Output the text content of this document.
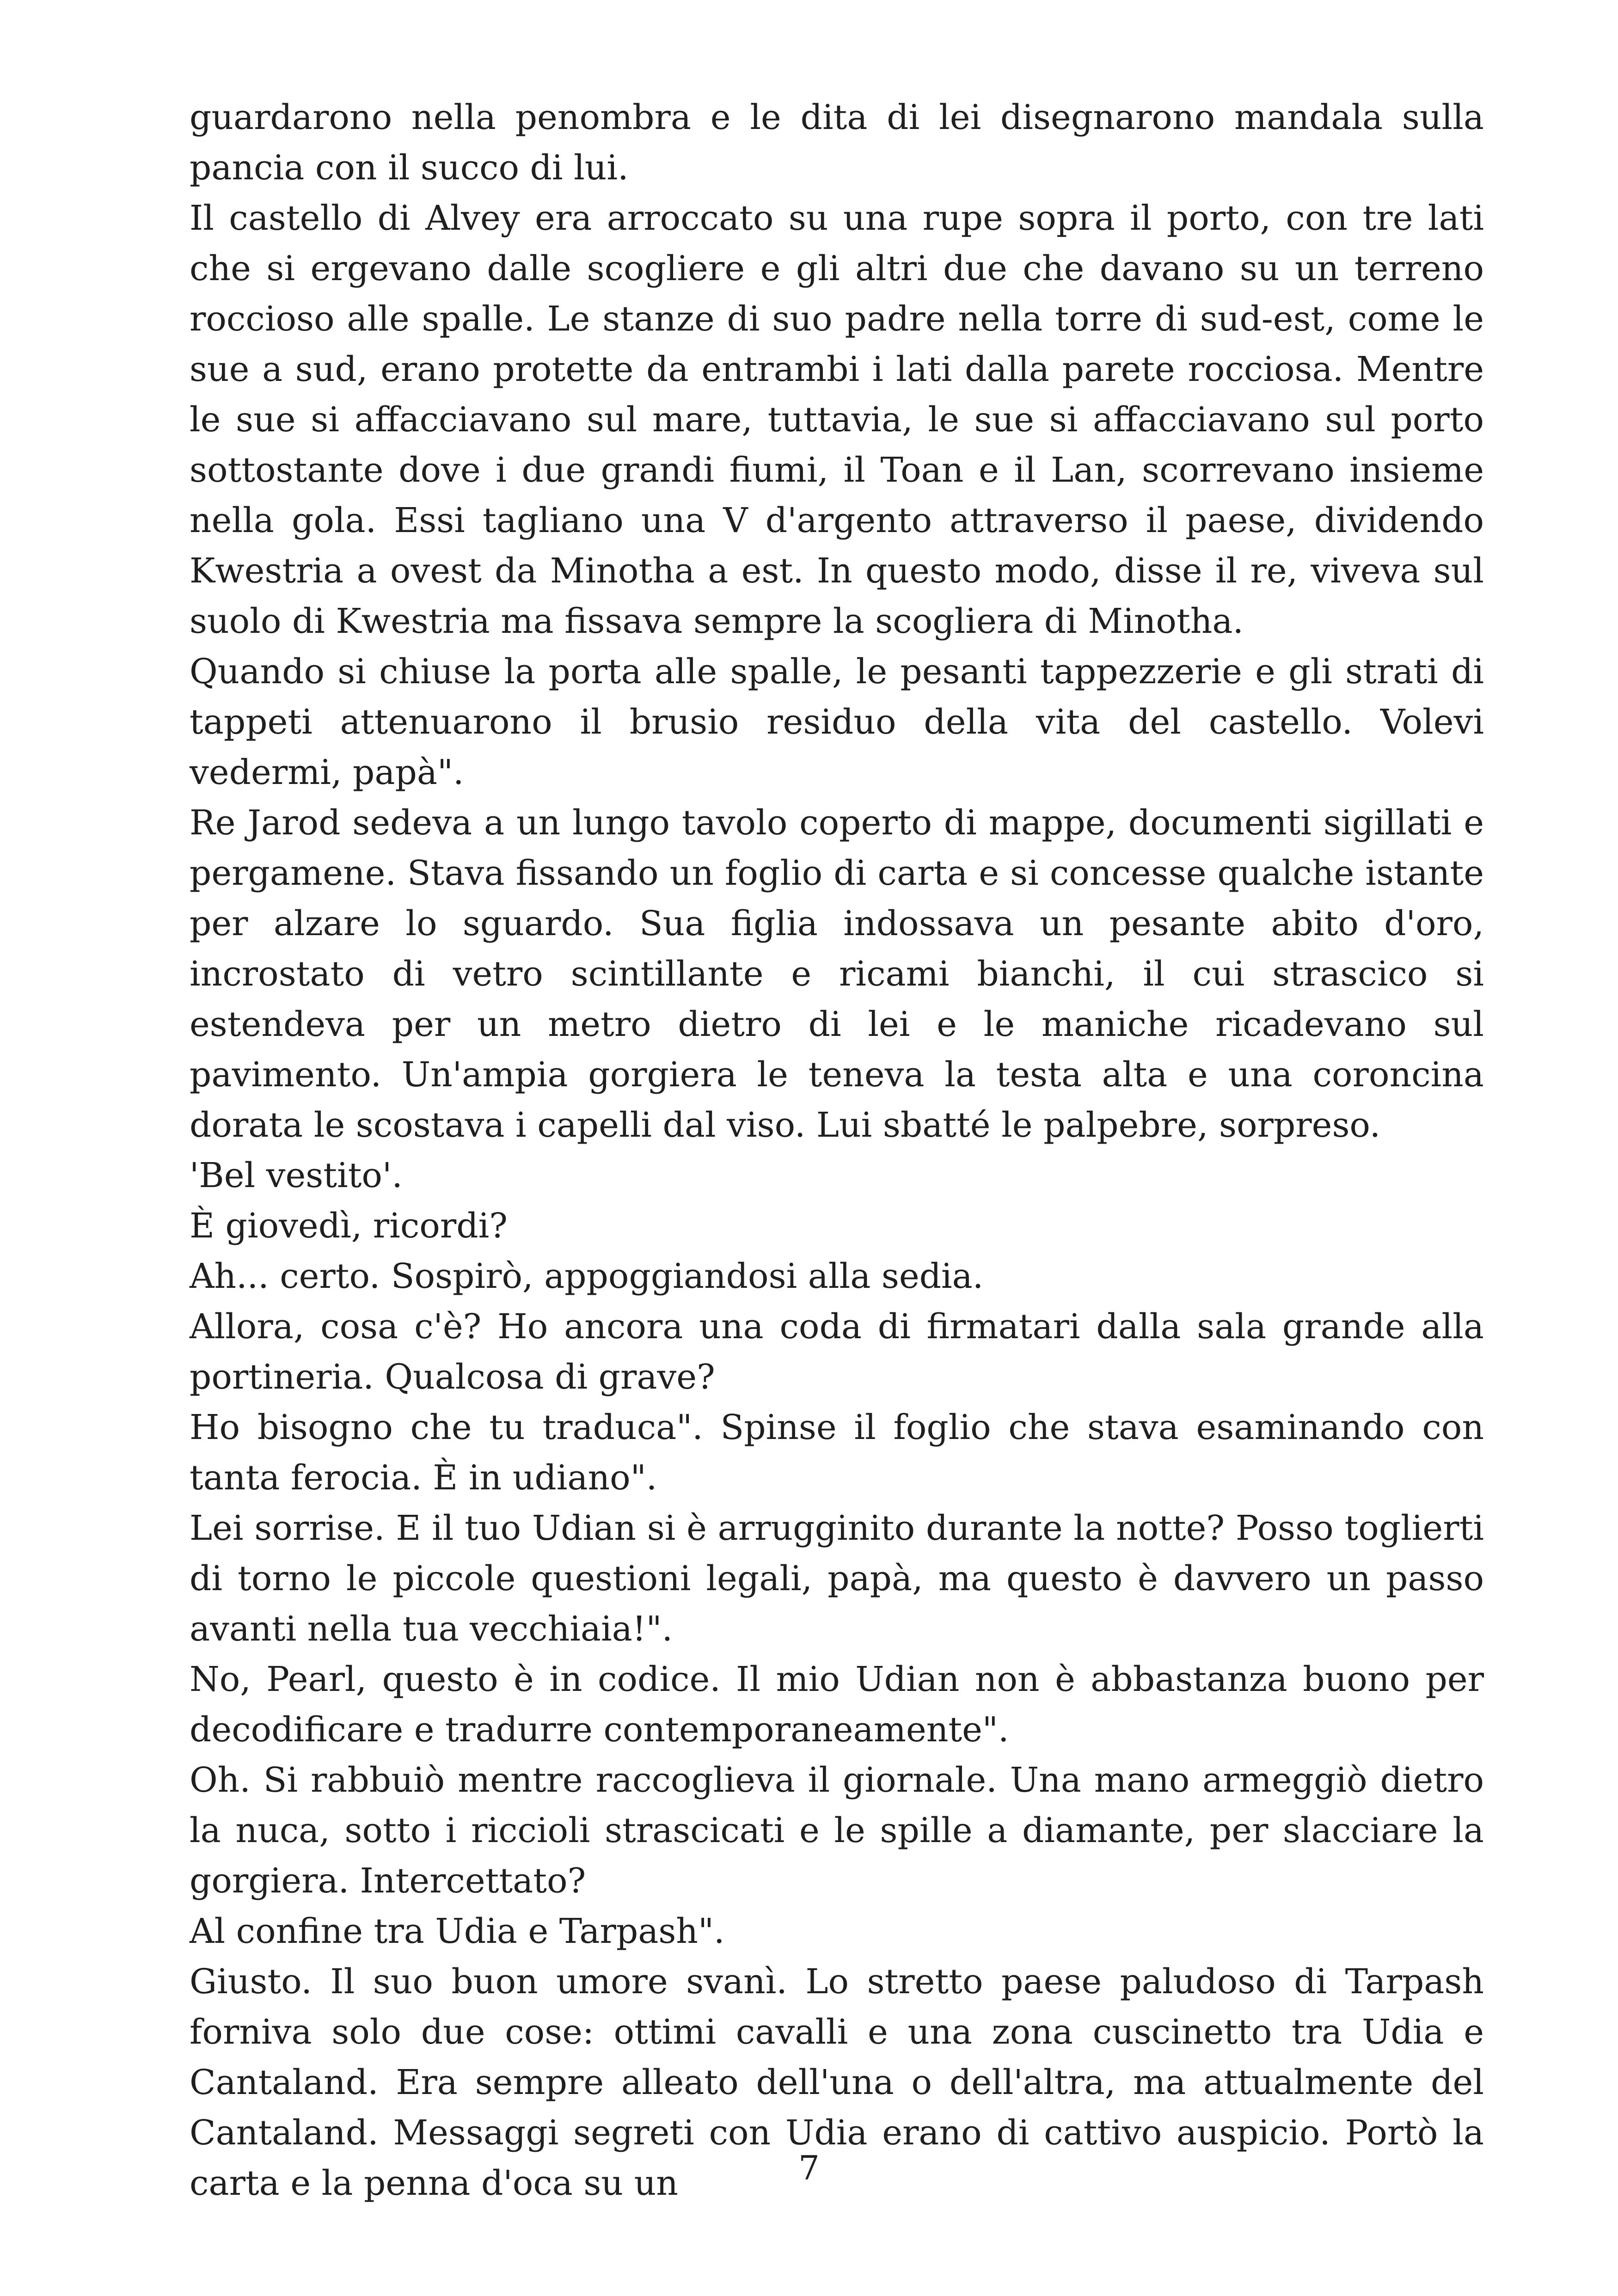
guardarono nella penombra e le dita di lei disegnarono mandala sulla pancia con il succo di lui.

Il castello di Alvey era arroccato su una rupe sopra il porto, con tre lati che si ergevano dalle scogliere e gli altri due che davano su un terreno roccioso alle spalle. Le stanze di suo padre nella torre di sud-est, come le sue a sud, erano protette da entrambi i lati dalla parete rocciosa. Mentre le sue si affacciavano sul mare, tuttavia, le sue si affacciavano sul porto sottostante dove i due grandi fiumi, il Toan e il Lan, scorrevano insieme nella gola. Essi tagliano una V d'argento attraverso il paese, dividendo Kwestria a ovest da Minotha a est. In questo modo, disse il re, viveva sul suolo di Kwestria ma fissava sempre la scogliera di Minotha.

Quando si chiuse la porta alle spalle, le pesanti tappezzerie e gli strati di tappeti attenuarono il brusio residuo della vita del castello. Volevi vedermi, papà".

Re Jarod sedeva a un lungo tavolo coperto di mappe, documenti sigillati e pergamene. Stava fissando un foglio di carta e si concesse qualche istante per alzare lo sguardo. Sua figlia indossava un pesante abito d'oro, incrostato di vetro scintillante e ricami bianchi, il cui strascico si estendeva per un metro dietro di lei e le maniche ricadevano sul pavimento. Un'ampia gorgiera le teneva la testa alta e una coroncina dorata le scostava i capelli dal viso. Lui sbatté le palpebre, sorpreso.

'Bel vestito'.

È giovedì, ricordi?

Ah... certo. Sospirò, appoggiandosi alla sedia.

Allora, cosa c'è? Ho ancora una coda di firmatari dalla sala grande alla portineria. Qualcosa di grave?

Ho bisogno che tu traduca". Spinse il foglio che stava esaminando con tanta ferocia. È in udiano".

Lei sorrise. E il tuo Udian si è arrugginito durante la notte? Posso toglierti di torno le piccole questioni legali, papà, ma questo è davvero un passo avanti nella tua vecchiaia!".

No, Pearl, questo è in codice. Il mio Udian non è abbastanza buono per decodificare e tradurre contemporaneamente".

Oh. Si rabbuiò mentre raccoglieva il giornale. Una mano armeggiò dietro la nuca, sotto i riccioli strascicati e le spille a diamante, per slacciare la gorgiera. Intercettato?

Al confine tra Udia e Tarpash".

Giusto. Il suo buon umore svanì. Lo stretto paese paludoso di Tarpash forniva solo due cose: ottimi cavalli e una zona cuscinetto tra Udia e Cantaland. Era sempre alleato dell'una o dell'altra, ma attualmente del Cantaland. Messaggi segreti con Udia erano di cattivo auspicio. Portò la carta e la penna d'oca su un	7
